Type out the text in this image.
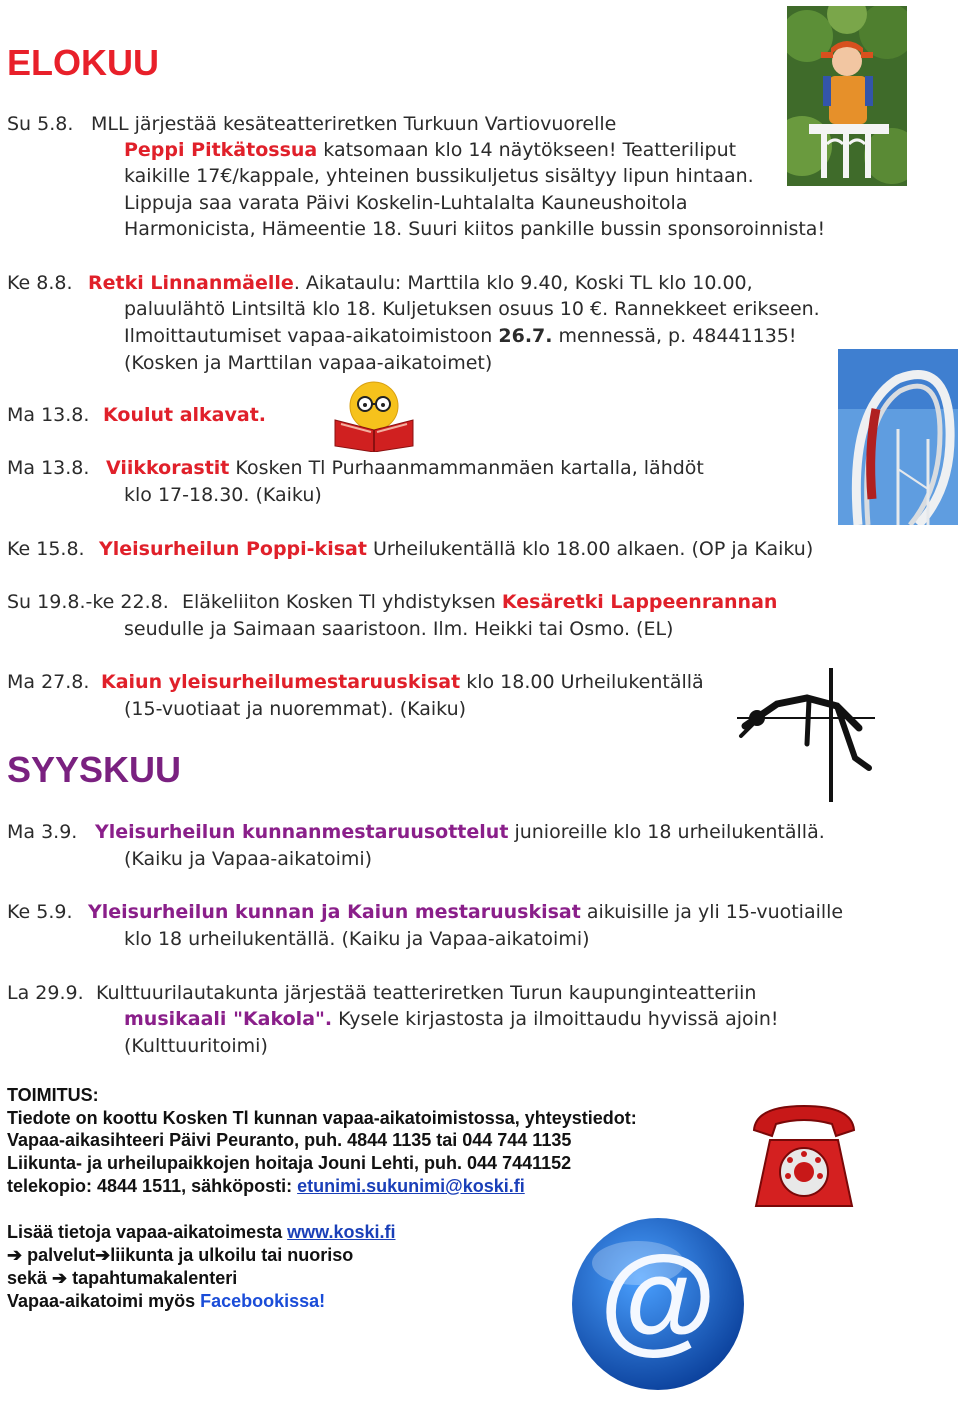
ELOKUU
Su 5.8. MLL järjestää kesäteatteriretken Turkuun Vartiovuorelle
Peppi Pitkätossua katsomaan klo 14 näytökseen! Teatteriliput
kaikille 17€/kappale, yhteinen bussikuljetus sisältyy lipun hintaan.
Lippuja saa varata Päivi Koskelin-Luhtalalta Kauneushoitola
Harmonicista, Hämeentie 18. Suuri kiitos pankille bussin sponsoroinnista!
Ke 8.8. Retki Linnanmäelle. Aikataulu: Marttila klo 9.40, Koski TL klo 10.00,
paluulähtö Lintsiltä klo 18. Kuljetuksen osuus 10 €. Rannekkeet erikseen.
Ilmoittautumiset vapaa-aikatoimistoon 26.7. mennessä, p. 48441135!
(Kosken ja Marttilan vapaa-aikatoimet)
Ma 13.8. Koulut alkavat.
Ma 13.8. Viikkorastit Kosken Tl Purhaanmammanmäen kartalla, lähdöt
klo 17-18.30. (Kaiku)
Ke 15.8. Yleisurheilun Poppi-kisat Urheilukentällä klo 18.00 alkaen. (OP ja Kaiku)
Su 19.8.-ke 22.8. Eläkeliiton Kosken Tl yhdistyksen Kesäretki Lappeenrannan
seudulle ja Saimaan saaristoon. Ilm. Heikki tai Osmo. (EL)
Ma 27.8. Kaiun yleisurheilumestaruuskisat klo 18.00 Urheilukentällä
(15-vuotiaat ja nuoremmat). (Kaiku)
SYYSKUU
Ma 3.9. Yleisurheilun kunnanmestaruusottelut junioreille klo 18 urheilukentällä.
(Kaiku ja Vapaa-aikatoimi)
Ke 5.9. Yleisurheilun kunnan ja Kaiun mestaruuskisat aikuisille ja yli 15-vuotiaille
klo 18 urheilukentällä. (Kaiku ja Vapaa-aikatoimi)
La 29.9. Kulttuurilautakunta järjestää teatteriretken Turun kaupunginteatteriin
musikaali "Kakola". Kysele kirjastosta ja ilmoittaudu hyvissä ajoin!
(Kulttuuritoimi)
TOIMITUS:
Tiedote on koottu Kosken Tl kunnan vapaa-aikatoimistossa, yhteystiedot:
Vapaa-aikasihteeri Päivi Peuranto, puh. 4844 1135 tai 044 744 1135
Liikunta- ja urheilupaikkojen hoitaja Jouni Lehti, puh. 044 7441152
telekopio: 4844 1511, sähköposti: etunimi.sukunimi@koski.fi
Lisää tietoja vapaa-aikatoimesta www.koski.fi
➔ palvelut➔liikunta ja ulkoilu tai nuoriso
sekä ➔ tapahtumakalenteri
Vapaa-aikatoimi myös Facebookissa! @
